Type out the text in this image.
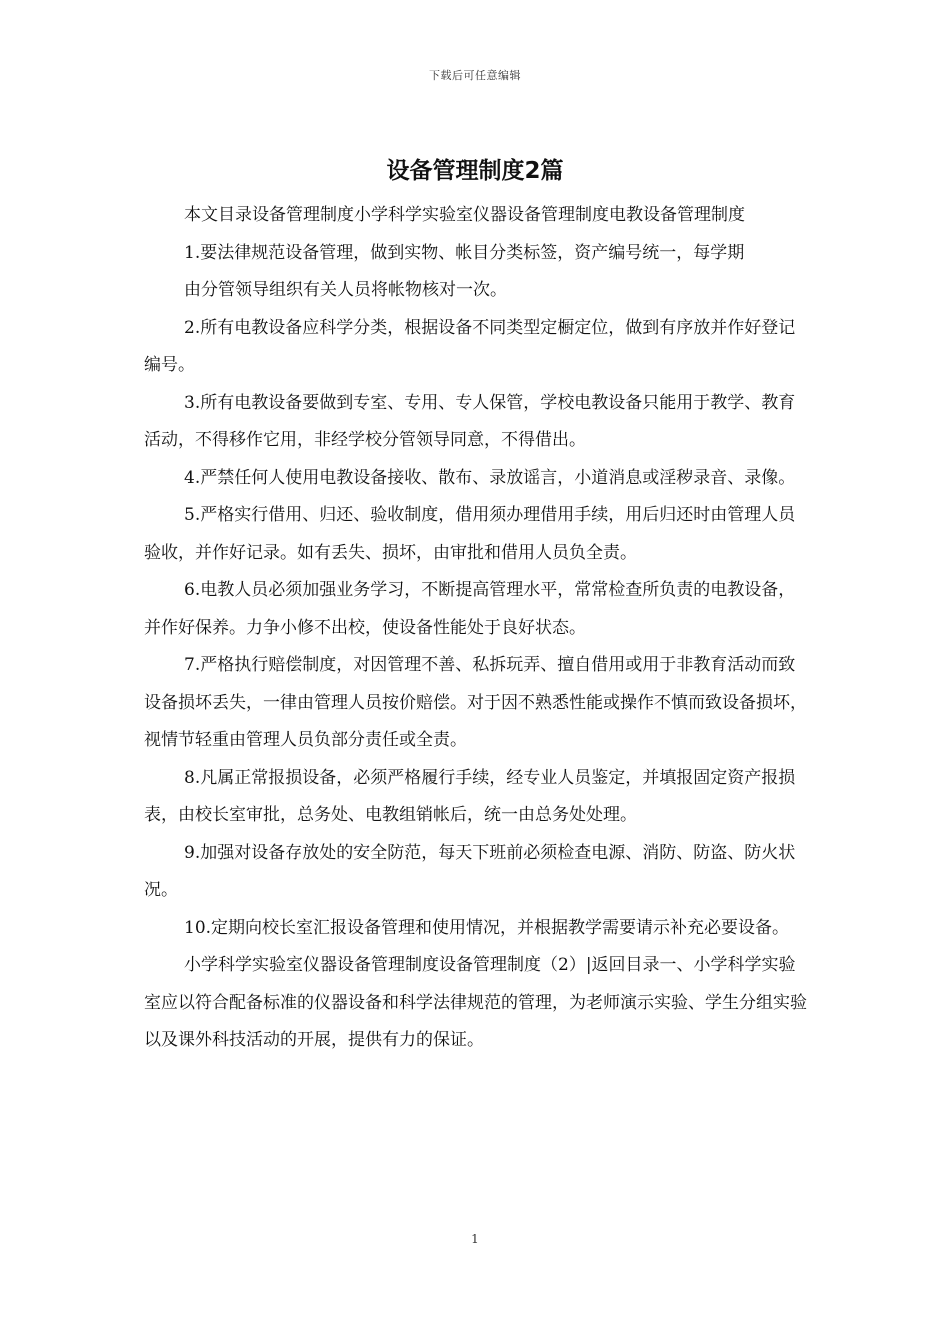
下载后可任意编辑
设备管理制度2篇

本文目录设备管理制度小学科学实验室仪器设备管理制度电教设备管理制度

1.要法律规范设备管理，做到实物、帐目分类标签，资产编号统一，每学期

由分管领导组织有关人员将帐物核对一次。

2.所有电教设备应科学分类，根据设备不同类型定橱定位，做到有序放并作好登记编号。

3.所有电教设备要做到专室、专用、专人保管，学校电教设备只能用于教学、教育活动，不得移作它用，非经学校分管领导同意，不得借出。

4.严禁任何人使用电教设备接收、散布、录放谣言，小道消息或淫秽录音、录像。

5.严格实行借用、归还、验收制度，借用须办理借用手续，用后归还时由管理人员验收，并作好记录。如有丢失、损坏，由审批和借用人员负全责。

6.电教人员必须加强业务学习，不断提高管理水平，常常检查所负责的电教设备，并作好保养。力争小修不出校，使设备性能处于良好状态。

7.严格执行赔偿制度，对因管理不善、私拆玩弄、擅自借用或用于非教育活动而致设备损坏丢失，一律由管理人员按价赔偿。对于因不熟悉性能或操作不慎而致设备损坏，视情节轻重由管理人员负部分责任或全责。

8.凡属正常报损设备，必须严格履行手续，经专业人员鉴定，并填报固定资产报损表，由校长室审批，总务处、电教组销帐后，统一由总务处处理。

9.加强对设备存放处的安全防范，每天下班前必须检查电源、消防、防盗、防火状况。

10.定期向校长室汇报设备管理和使用情况，并根据教学需要请示补充必要设备。

小学科学实验室仪器设备管理制度设备管理制度（2）|返回目录一、小学科学实验室应以符合配备标准的仪器设备和科学法律规范的管理，为老师演示实验、学生分组实验以及课外科技活动的开展，提供有力的保证。

1
